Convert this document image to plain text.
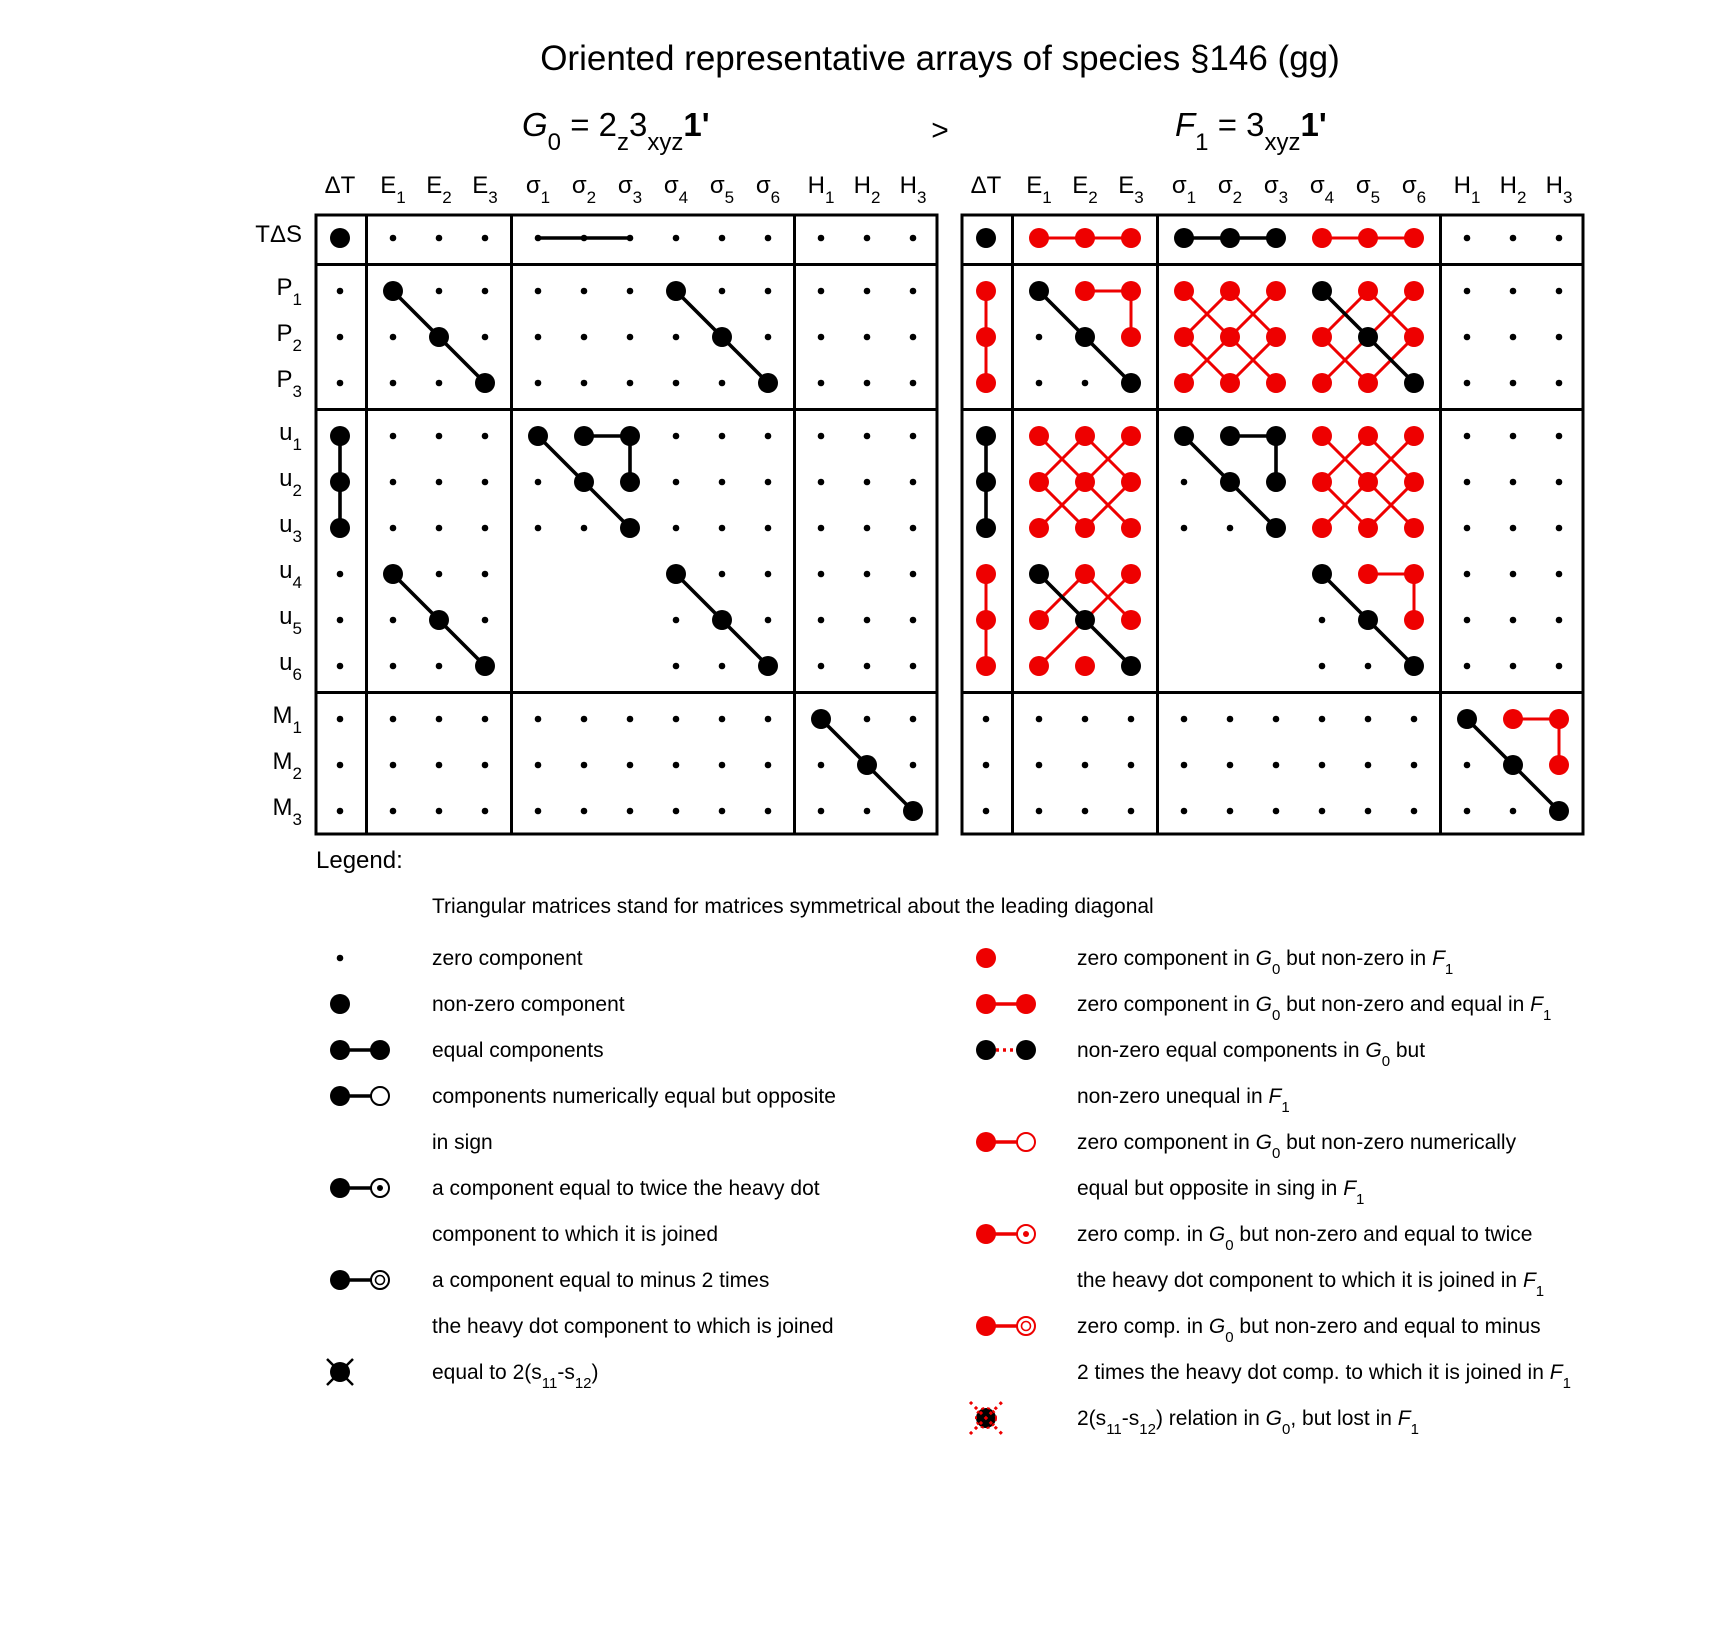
Oriented representative arrays of species §146 (gg)
>
ΔT $E_1$ $E_2$ $E_3$ $\sigma_1$ $\sigma_2$ $\sigma_3$ $\sigma_4$ $\sigma_5$ $\sigma_6$ $H_1$ $H_2$ $H_3$
TΔS
$P_1$
$P_2$
$P_3$
$u_1$
$u_2$
$u_3$
$u_4$
$u_5$
$u_6$
$M_1$
$M_2$
$M_3$
$G_0 = 2_z3_{xyz}1'$
ΔT $E_1$ $E_2$ $E_3$ $\sigma_1$ $\sigma_2$ $\sigma_3$ $\sigma_4$ $\sigma_5$ $\sigma_6$ $H_1$ $H_2$ $H_3$
$F_1 = 3_{xyz}1'$
Legend:
Triangular matrices stand for matrices symmetrical about the leading diagonal
zero component
non-zero component
equal components
components numerically equal but opposite
in sign
a component equal to twice the heavy dot
component to which it is joined
a component equal to minus 2 times
the heavy dot component to which is joined
equal to $2(s_{11}-s_{12})$
zero component in $G_0$ but non-zero in $F_1$
zero component in $G_0$ but non-zero and equal in $F_1$
non-zero equal components in $G_0$ but
non-zero unequal in $F_1$
zero component in $G_0$ but non-zero numerically
equal but opposite in sing in $F_1$
zero comp. in $G_0$ but non-zero and equal to twice
the heavy dot component to which it is joined in $F_1$
zero comp. in $G_0$ but non-zero and equal to minus
2 times the heavy dot comp. to which it is joined in $F_1$
$2(s_{11}-s_{12})$ relation in $G_0$, but lost in $F_1$
